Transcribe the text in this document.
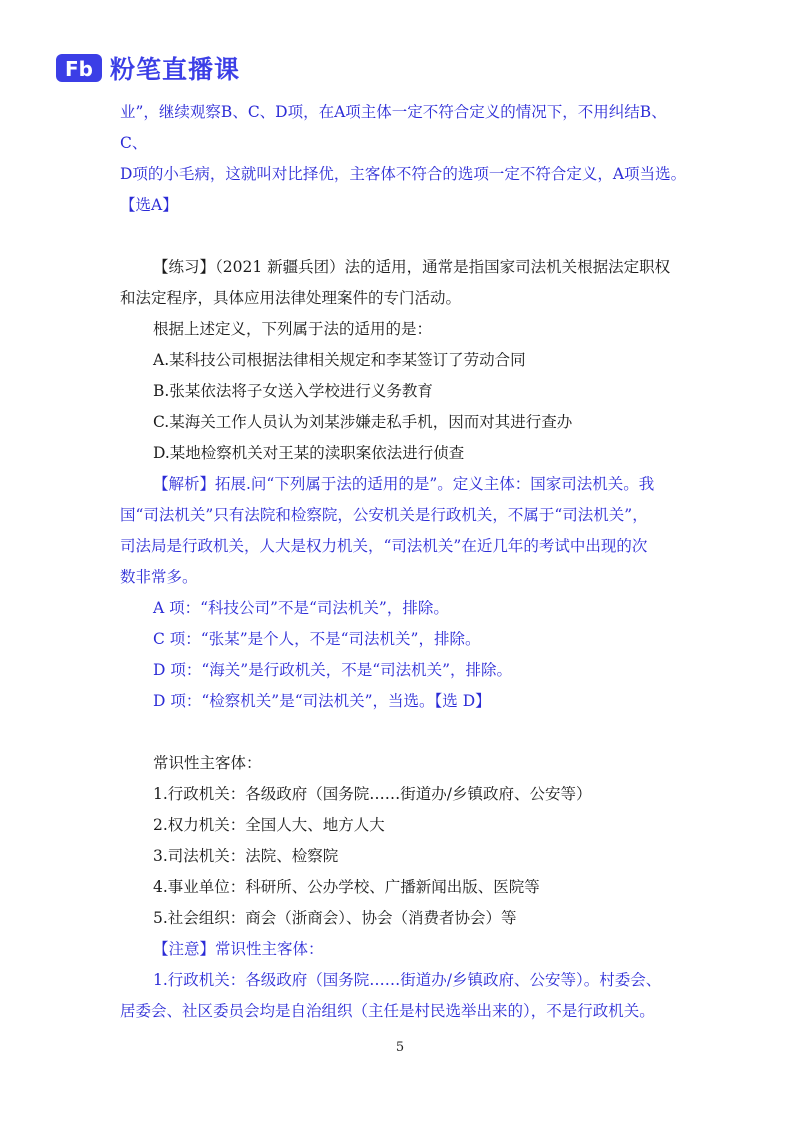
Fb 粉笔直播课

业”，继续观察B、C、D项，在A项主体一定不符合定义的情况下，不用纠结B、C、

D项的小毛病，这就叫对比择优，主客体不符合的选项一定不符合定义，A项当选。

【选A】

【练习】（2021 新疆兵团）法的适用，通常是指国家司法机关根据法定职权

和法定程序，具体应用法律处理案件的专门活动。

根据上述定义，下列属于法的适用的是：

A.某科技公司根据法律相关规定和李某签订了劳动合同

B.张某依法将子女送入学校进行义务教育

C.某海关工作人员认为刘某涉嫌走私手机，因而对其进行查办

D.某地检察机关对王某的渎职案依法进行侦查

【解析】拓展.问“下列属于法的适用的是”。定义主体：国家司法机关。我

国“司法机关”只有法院和检察院，公安机关是行政机关，不属于“司法机关”，

司法局是行政机关，人大是权力机关，“司法机关”在近几年的考试中出现的次

数非常多。

A 项：“科技公司”不是“司法机关”，排除。

C 项：“张某”是个人，不是“司法机关”，排除。

D 项：“海关”是行政机关，不是“司法机关”，排除。

D 项：“检察机关”是“司法机关”，当选。【选 D】

常识性主客体：

1.行政机关：各级政府（国务院……街道办/乡镇政府、公安等）

2.权力机关：全国人大、地方人大

3.司法机关：法院、检察院

4.事业单位：科研所、公办学校、广播新闻出版、医院等

5.社会组织：商会（浙商会）、协会（消费者协会）等

【注意】常识性主客体：

1.行政机关：各级政府（国务院……街道办/乡镇政府、公安等）。村委会、

居委会、社区委员会均是自治组织（主任是村民选举出来的），不是行政机关。

5
